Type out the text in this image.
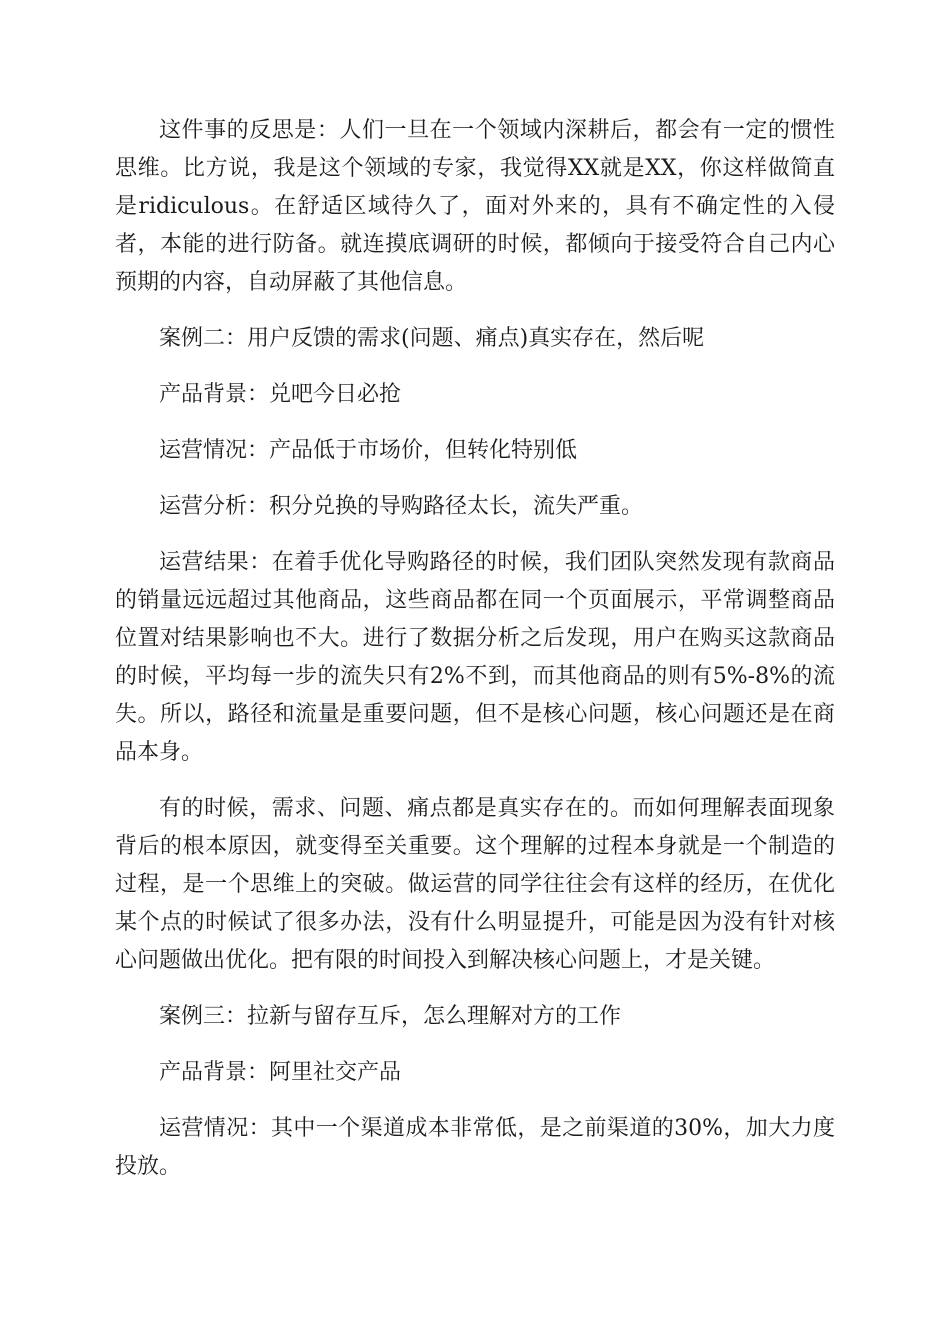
这件事的反思是：人们一旦在一个领域内深耕后，都会有一定的惯性思维。比方说，我是这个领域的专家，我觉得XX就是XX，你这样做简直是ridiculous。在舒适区域待久了，面对外来的，具有不确定性的入侵者，本能的进行防备。就连摸底调研的时候，都倾向于接受符合自己内心预期的内容，自动屏蔽了其他信息。

案例二：用户反馈的需求(问题、痛点)真实存在，然后呢

产品背景：兑吧今日必抢

运营情况：产品低于市场价，但转化特别低

运营分析：积分兑换的导购路径太长，流失严重。

运营结果：在着手优化导购路径的时候，我们团队突然发现有款商品的销量远远超过其他商品，这些商品都在同一个页面展示，平常调整商品位置对结果影响也不大。进行了数据分析之后发现，用户在购买这款商品的时候，平均每一步的流失只有2%不到，而其他商品的则有5%-8%的流失。所以，路径和流量是重要问题，但不是核心问题，核心问题还是在商品本身。

有的时候，需求、问题、痛点都是真实存在的。而如何理解表面现象背后的根本原因，就变得至关重要。这个理解的过程本身就是一个制造的过程，是一个思维上的突破。做运营的同学往往会有这样的经历，在优化某个点的时候试了很多办法，没有什么明显提升，可能是因为没有针对核心问题做出优化。把有限的时间投入到解决核心问题上，才是关键。

案例三：拉新与留存互斥，怎么理解对方的工作

产品背景：阿里社交产品

运营情况：其中一个渠道成本非常低，是之前渠道的30%，加大力度投放。
